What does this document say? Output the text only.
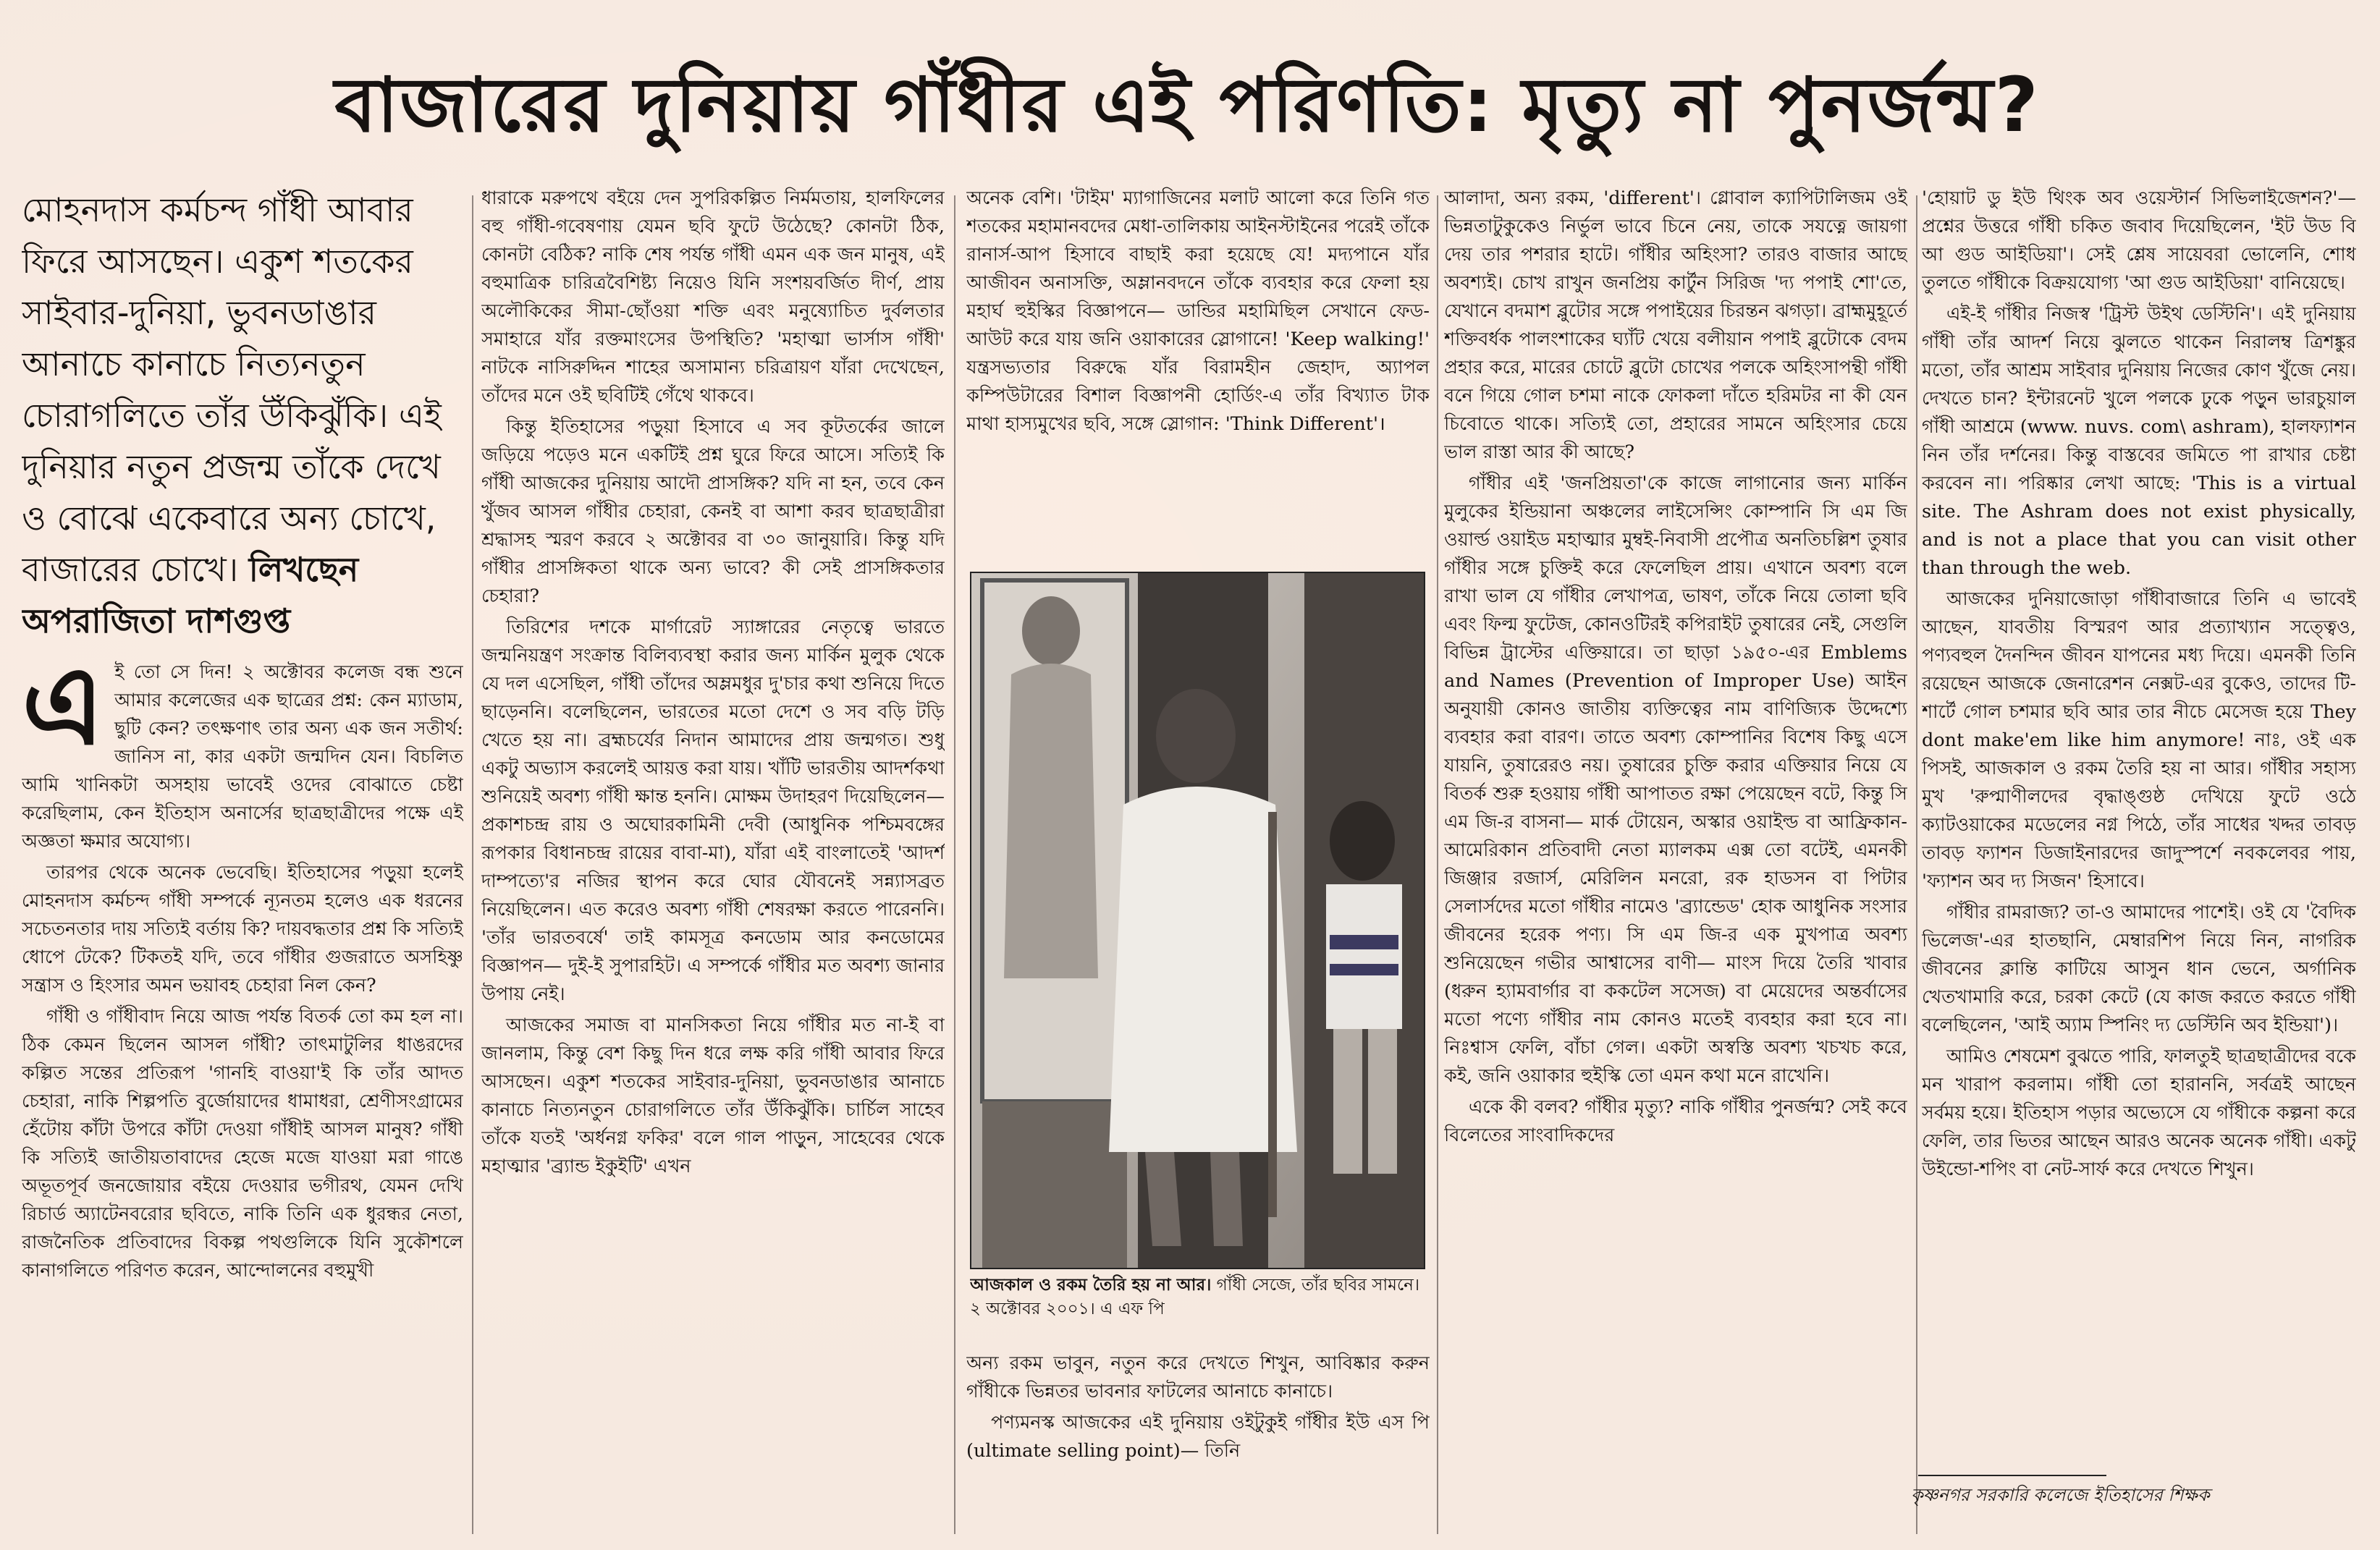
বাজারের দুনিয়ায় গাঁধীর এই পরিণতি: মৃত্যু না পুনর্জন্ম?
মোহনদাস কর্মচন্দ গাঁধী আবার ফিরে আসছেন। একুশ শতকের সাইবার-দুনিয়া, ভুবনডাঙার আনাচে কানাচে নিত্যনতুন চোরাগলিতে তাঁর উঁকিঝুঁকি। এই দুনিয়ার নতুন প্রজন্ম তাঁকে দেখে ও বোঝে একেবারে অন্য চোখে, বাজারের চোখে। লিখছেন অপরাজিতা দাশগুপ্ত

এই তো সে দিন! ২ অক্টোবর কলেজ বন্ধ শুনে আমার কলেজের এক ছাত্রের প্রশ্ন: কেন ম্যাডাম, ছুটি কেন? তৎক্ষণাৎ তার অন্য এক জন সতীর্থ: জানিস না, কার একটা জন্মদিন যেন। বিচলিত আমি খানিকটা অসহায় ভাবেই ওদের বোঝাতে চেষ্টা করেছিলাম, কেন ইতিহাস অনার্সের ছাত্রছাত্রীদের পক্ষে এই অজ্ঞতা ক্ষমার অযোগ্য।

তারপর থেকে অনেক ভেবেছি। ইতিহাসের পড়ুয়া হলেই মোহনদাস কর্মচন্দ গাঁধী সম্পর্কে ন্যূনতম হলেও এক ধরনের সচেতনতার দায় সত্যিই বর্তায় কি? দায়বদ্ধতার প্রশ্ন কি সত্যিই ধোপে টেকে? টিকতই যদি, তবে গাঁধীর গুজরাতে অসহিষ্ণু সন্ত্রাস ও হিংসার অমন ভয়াবহ চেহারা নিল কেন?

গাঁধী ও গাঁধীবাদ নিয়ে আজ পর্যন্ত বিতর্ক তো কম হল না। ঠিক কেমন ছিলেন আসল গাঁধী? তাৎমাটুলির ধাঙরদের কল্পিত সন্তের প্রতিরূপ 'গানহি বাওয়া'ই কি তাঁর আদত চেহারা, নাকি শিল্পপতি বুর্জোয়াদের ধামাধরা, শ্রেণীসংগ্রামের হেঁটোয় কাঁটা উপরে কাঁটা দেওয়া গাঁধীই আসল মানুষ? গাঁধী কি সত্যিই জাতীয়তাবাদের হেজে মজে যাওয়া মরা গাঙে অভূতপূর্ব জনজোয়ার বইয়ে দেওয়ার ভগীরথ, যেমন দেখি রিচার্ড অ্যাটেনবরোর ছবিতে, নাকি তিনি এক ধুরন্ধর নেতা, রাজনৈতিক প্রতিবাদের বিকল্প পথগুলিকে যিনি সুকৌশলে কানাগলিতে পরিণত করেন, আন্দোলনের বহুমুখী

ধারাকে মরুপথে বইয়ে দেন সুপরিকল্পিত নির্মমতায়, হালফিলের বহু গাঁধী-গবেষণায় যেমন ছবি ফুটে উঠেছে? কোনটা ঠিক, কোনটা বেঠিক? নাকি শেষ পর্যন্ত গাঁধী এমন এক জন মানুষ, এই বহুমাত্রিক চারিত্রবৈশিষ্ট্য নিয়েও যিনি সংশয়বর্জিত দীর্ণ, প্রায় অলৌকিকের সীমা-ছোঁওয়া শক্তি এবং মনুষ্যোচিত দুর্বলতার সমাহারে যাঁর রক্তমাংসের উপস্থিতি? 'মহাত্মা ভার্সাস গাঁধী' নাটকে নাসিরুদ্দিন শাহের অসামান্য চরিত্রায়ণ যাঁরা দেখেছেন, তাঁদের মনে ওই ছবিটিই গেঁথে থাকবে।

কিন্তু ইতিহাসের পড়ুয়া হিসাবে এ সব কূটতর্কের জালে জড়িয়ে পড়েও মনে একটিই প্রশ্ন ঘুরে ফিরে আসে। সত্যিই কি গাঁধী আজকের দুনিয়ায় আদৌ প্রাসঙ্গিক? যদি না হন, তবে কেন খুঁজব আসল গাঁধীর চেহারা, কেনই বা আশা করব ছাত্রছাত্রীরা শ্রদ্ধাসহ স্মরণ করবে ২ অক্টোবর বা ৩০ জানুয়ারি। কিন্তু যদি গাঁধীর প্রাসঙ্গিকতা থাকে অন্য ভাবে? কী সেই প্রাসঙ্গিকতার চেহারা?

তিরিশের দশকে মার্গারেট স্যাঙ্গারের নেতৃত্বে ভারতে জন্মনিয়ন্ত্রণ সংক্রান্ত বিলিব্যবস্থা করার জন্য মার্কিন মুলুক থেকে যে দল এসেছিল, গাঁধী তাঁদের অম্লমধুর দু'চার কথা শুনিয়ে দিতে ছাড়েননি। বলেছিলেন, ভারতের মতো দেশে ও সব বড়ি টড়ি খেতে হয় না। ব্রহ্মচর্যের নিদান আমাদের প্রায় জন্মগত। শুধু একটু অভ্যাস করলেই আয়ত্ত করা যায়। খাঁটি ভারতীয় আদর্শকথা শুনিয়েই অবশ্য গাঁধী ক্ষান্ত হননি। মোক্ষম উদাহরণ দিয়েছিলেন— প্রকাশচন্দ্র রায় ও অঘোরকামিনী দেবী (আধুনিক পশ্চিমবঙ্গের রূপকার বিধানচন্দ্র রায়ের বাবা-মা), যাঁরা এই বাংলাতেই 'আদর্শ দাম্পত্যে'র নজির স্থাপন করে ঘোর যৌবনেই সন্ন্যাসব্রত নিয়েছিলেন। এত করেও অবশ্য গাঁধী শেষরক্ষা করতে পারেননি। 'তাঁর ভারতবর্ষে' তাই কামসূত্র কনডোম আর কনডোমের বিজ্ঞাপন— দুই-ই সুপারহিট। এ সম্পর্কে গাঁধীর মত অবশ্য জানার উপায় নেই।

আজকের সমাজ বা মানসিকতা নিয়ে গাঁধীর মত না-ই বা জানলাম, কিন্তু বেশ কিছু দিন ধরে লক্ষ করি গাঁধী আবার ফিরে আসছেন। একুশ শতকের সাইবার-দুনিয়া, ভুবনডাঙার আনাচে কানাচে নিত্যনতুন চোরাগলিতে তাঁর উঁকিঝুঁকি। চার্চিল সাহেব তাঁকে যতই 'অর্ধনগ্ন ফকির' বলে গাল পাড়ুন, সাহেবের থেকে মহাত্মার 'ব্র্যান্ড ইকুইটি' এখন

অনেক বেশি। 'টাইম' ম্যাগাজিনের মলাট আলো করে তিনি গত শতকের মহামানবদের মেধা-তালিকায় আইনস্টাইনের পরেই তাঁকে রানার্স-আপ হিসাবে বাছাই করা হয়েছে যে! মদ্যপানে যাঁর আজীবন অনাসক্তি, অম্লানবদনে তাঁকে ব্যবহার করে ফেলা হয় মহার্ঘ হুইস্কির বিজ্ঞাপনে— ডান্ডির মহামিছিল সেখানে ফেড-আউট করে যায় জনি ওয়াকারের স্লোগানে! 'Keep walking!' যন্ত্রসভ্যতার বিরুদ্ধে যাঁর বিরামহীন জেহাদ, অ্যাপল কম্পিউটারের বিশাল বিজ্ঞাপনী হোর্ডিং-এ তাঁর বিখ্যাত টাক মাথা হাস্যমুখের ছবি, সঙ্গে স্লোগান: 'Think Different'।

আজকাল ও রকম তৈরি হয় না আর। গাঁধী সেজে, তাঁর ছবির সামনে। ২ অক্টোবর ২০০১। এ এফ পি

অন্য রকম ভাবুন, নতুন করে দেখতে শিখুন, আবিষ্কার করুন গাঁধীকে ভিন্নতর ভাবনার ফাটলের আনাচে কানাচে।

পণ্যমনস্ক আজকের এই দুনিয়ায় ওইটুকুই গাঁধীর ইউ এস পি (ultimate selling point)— তিনি

আলাদা, অন্য রকম, 'different'। গ্লোবাল ক্যাপিটালিজম ওই ভিন্নতাটুকুকেও নির্ভুল ভাবে চিনে নেয়, তাকে সযত্নে জায়গা দেয় তার পশরার হাটে। গাঁধীর অহিংসা? তারও বাজার আছে অবশ্যই। চোখ রাখুন জনপ্রিয় কার্টুন সিরিজ 'দ্য পপাই শো'তে, যেখানে বদমাশ ব্লুটোর সঙ্গে পপাইয়ের চিরন্তন ঝগড়া। ব্রাহ্মমুহূর্তে শক্তিবর্ধক পালংশাকের ঘ্যাঁট খেয়ে বলীয়ান পপাই ব্লুটোকে বেদম প্রহার করে, মারের চোটে ব্লুটো চোখের পলকে অহিংসাপন্থী গাঁধী বনে গিয়ে গোল চশমা নাকে ফোকলা দাঁতে হরিমটর না কী যেন চিবোতে থাকে। সত্যিই তো, প্রহারের সামনে অহিংসার চেয়ে ভাল রাস্তা আর কী আছে?

গাঁধীর এই 'জনপ্রিয়তা'কে কাজে লাগানোর জন্য মার্কিন মুলুকের ইন্ডিয়ানা অঞ্চলের লাইসেন্সিং কোম্পানি সি এম জি ওয়ার্ল্ড ওয়াইড মহাত্মার মুম্বই-নিবাসী প্রপৌত্র অনতিচল্লিশ তুষার গাঁধীর সঙ্গে চুক্তিই করে ফেলেছিল প্রায়। এখানে অবশ্য বলে রাখা ভাল যে গাঁধীর লেখাপত্র, ভাষণ, তাঁকে নিয়ে তোলা ছবি এবং ফিল্ম ফুটেজ, কোনওটিরই কপিরাইট তুষারের নেই, সেগুলি বিভিন্ন ট্রাস্টের এক্তিয়ারে। তা ছাড়া ১৯৫০-এর Emblems and Names (Prevention of Improper Use) আইন অনুযায়ী কোনও জাতীয় ব্যক্তিত্বের নাম বাণিজ্যিক উদ্দেশ্যে ব্যবহার করা বারণ। তাতে অবশ্য কোম্পানির বিশেষ কিছু এসে যায়নি, তুষারেরও নয়। তুষারের চুক্তি করার এক্তিয়ার নিয়ে যে বিতর্ক শুরু হওয়ায় গাঁধী আপাতত রক্ষা পেয়েছেন বটে, কিন্তু সি এম জি-র বাসনা— মার্ক টোয়েন, অস্কার ওয়াইল্ড বা আফ্রিকান-আমেরিকান প্রতিবাদী নেতা ম্যালকম এক্স তো বটেই, এমনকী জিঞ্জার রজার্স, মেরিলিন মনরো, রক হাডসন বা পিটার সেলার্সদের মতো গাঁধীর নামেও 'ব্র্যান্ডেড' হোক আধুনিক সংসার জীবনের হরেক পণ্য। সি এম জি-র এক মুখপাত্র অবশ্য শুনিয়েছেন গভীর আশ্বাসের বাণী— মাংস দিয়ে তৈরি খাবার (ধরুন হ্যামবার্গার বা ককটেল সসেজ) বা মেয়েদের অন্তর্বাসের মতো পণ্যে গাঁধীর নাম কোনও মতেই ব্যবহার করা হবে না। নিঃশ্বাস ফেলি, বাঁচা গেল। একটা অস্বস্তি অবশ্য খচখচ করে, কই, জনি ওয়াকার হুইস্কি তো এমন কথা মনে রাখেনি।

একে কী বলব? গাঁধীর মৃত্যু? নাকি গাঁধীর পুনর্জন্ম? সেই কবে বিলেতের সাংবাদিকদের

'হোয়াট ডু ইউ থিংক অব ওয়েস্টার্ন সিভিলাইজেশন?'— প্রশ্নের উত্তরে গাঁধী চকিত জবাব দিয়েছিলেন, 'ইট উড বি আ গুড আইডিয়া'। সেই শ্লেষ সায়েবরা ভোলেনি, শোধ তুলতে গাঁধীকে বিক্রয়যোগ্য 'আ গুড আইডিয়া' বানিয়েছে।

এই-ই গাঁধীর নিজস্ব 'ট্রিস্ট উইথ ডেস্টিনি'। এই দুনিয়ায় গাঁধী তাঁর আদর্শ নিয়ে ঝুলতে থাকেন নিরালম্ব ত্রিশঙ্কুর মতো, তাঁর আশ্রম সাইবার দুনিয়ায় নিজের কোণ খুঁজে নেয়। দেখতে চান? ইন্টারনেট খুলে পলকে ঢুকে পড়ুন ভারচুয়াল গাঁধী আশ্রমে (www. nuvs. com\ ashram), হালফ্যাশন নিন তাঁর দর্শনের। কিন্তু বাস্তবের জমিতে পা রাখার চেষ্টা করবেন না। পরিষ্কার লেখা আছে: 'This is a virtual site. The Ashram does not exist physically, and is not a place that you can visit other than through the web.

আজকের দুনিয়াজোড়া গাঁধীবাজারে তিনি এ ভাবেই আছেন, যাবতীয় বিস্মরণ আর প্রত্যাখ্যান সত্ত্বেও, পণ্যবহুল দৈনন্দিন জীবন যাপনের মধ্য দিয়ে। এমনকী তিনি রয়েছেন আজকে জেনারেশন নেক্সট-এর বুকেও, তাদের টি-শার্টে গোল চশমার ছবি আর তার নীচে মেসেজ হয়ে They dont make'em like him anymore! নাঃ, ওই এক পিসই, আজকাল ও রকম তৈরি হয় না আর। গাঁধীর সহাস্য মুখ 'রুপ্মাণীলদের বৃদ্ধাঙ্গুষ্ঠ দেখিয়ে ফুটে ওঠে ক্যাটওয়াকের মডেলের নগ্ন পিঠে, তাঁর সাধের খদ্দর তাবড় তাবড় ফ্যাশন ডিজাইনারদের জাদুস্পর্শে নবকলেবর পায়, 'ফ্যাশন অব দ্য সিজন' হিসাবে।

গাঁধীর রামরাজ্য? তা-ও আমাদের পাশেই। ওই যে 'বৈদিক ভিলেজ'-এর হাতছানি, মেম্বারশিপ নিয়ে নিন, নাগরিক জীবনের ক্লান্তি কাটিয়ে আসুন ধান ভেনে, অর্গানিক খেতখামারি করে, চরকা কেটে (যে কাজ করতে করতে গাঁধী বলেছিলেন, 'আই অ্যাম স্পিনিং দ্য ডেস্টিনি অব ইন্ডিয়া')।

আমিও শেষমেশ বুঝতে পারি, ফালতুই ছাত্রছাত্রীদের বকে মন খারাপ করলাম। গাঁধী তো হারাননি, সর্বত্রই আছেন সর্বময় হয়ে। ইতিহাস পড়ার অভ্যেসে যে গাঁধীকে কল্পনা করে ফেলি, তার ভিতর আছেন আরও অনেক অনেক গাঁধী। একটু উইন্ডো-শপিং বা নেট-সার্ফ করে দেখতে শিখুন।

কৃষ্ণনগর সরকারি কলেজে ইতিহাসের শিক্ষক
